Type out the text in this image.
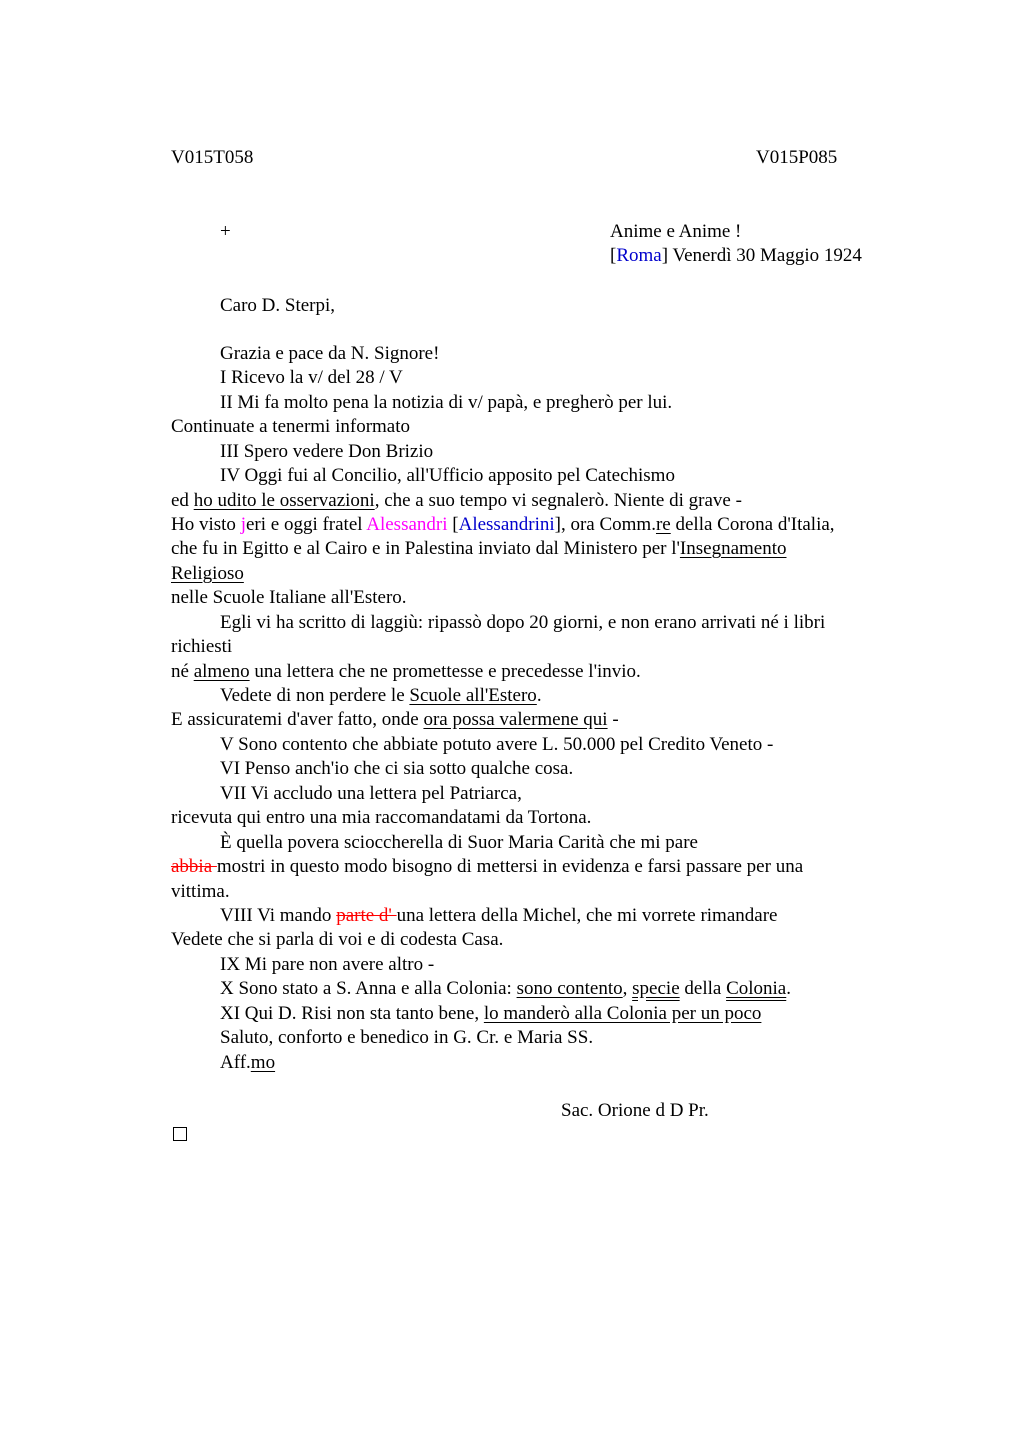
V015T058	V015P085
+	Anime e Anime !
[Roma] Venerdì 30 Maggio 1924
Caro D. Sterpi,
Grazia e pace da N. Signore!
I Ricevo la v/ del 28 / V
II Mi fa molto pena la notizia di v/ papà, e pregherò per lui.
Continuate a tenermi informato
III Spero vedere Don Brizio
IV Oggi fui al Concilio, all'Ufficio apposito pel Catechismo
ed ho udito le osservazioni, che a suo tempo vi segnalerò. Niente di grave -
Ho visto jeri e oggi fratel Alessandri [Alessandrini], ora Comm.re della Corona d'Italia,
che fu in Egitto e al Cairo e in Palestina inviato dal Ministero per l'Insegnamento
Religioso
nelle Scuole Italiane all'Estero.
Egli vi ha scritto di laggiù: ripassò dopo 20 giorni, e non erano arrivati né i libri
richiesti
né almeno una lettera che ne promettesse e precedesse l'invio.
Vedete di non perdere le Scuole all'Estero.
E assicuratemi d'aver fatto, onde ora possa valermene qui -
V Sono contento che abbiate potuto avere L. 50.000 pel Credito Veneto -
VI Penso anch'io che ci sia sotto qualche cosa.
VII Vi accludo una lettera pel Patriarca,
ricevuta qui entro una mia raccomandatami da Tortona.
È quella povera scioccherella di Suor Maria Carità che mi pare
abbia mostri in questo modo bisogno di mettersi in evidenza e farsi passare per una
vittima.
VIII Vi mando parte d' una lettera della Michel, che mi vorrete rimandare
Vedete che si parla di voi e di codesta Casa.
IX Mi pare non avere altro -
X Sono stato a S. Anna e alla Colonia: sono contento, specie della Colonia.
XI Qui D. Risi non sta tanto bene, lo manderò alla Colonia per un poco
Saluto, conforto e benedico in G. Cr. e Maria SS.
Aff.mo
Sac. Orione d D Pr.
